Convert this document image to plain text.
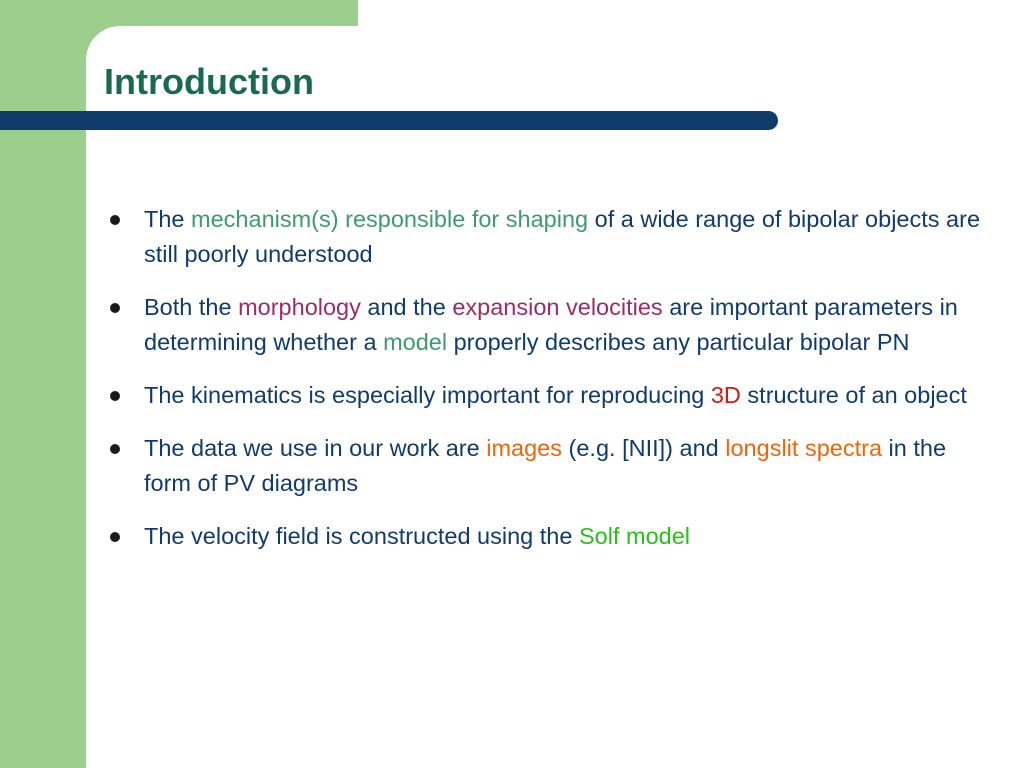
Introduction
The mechanism(s) responsible for shaping of a wide range of bipolar objects are still poorly understood
Both the morphology and the expansion velocities are important parameters in determining whether a model properly describes any particular bipolar PN
The kinematics is especially important for reproducing 3D structure of an object
The data we use in our work are images (e.g. [NII]) and longslit spectra in the form of PV diagrams
The velocity field is constructed using the Solf model
